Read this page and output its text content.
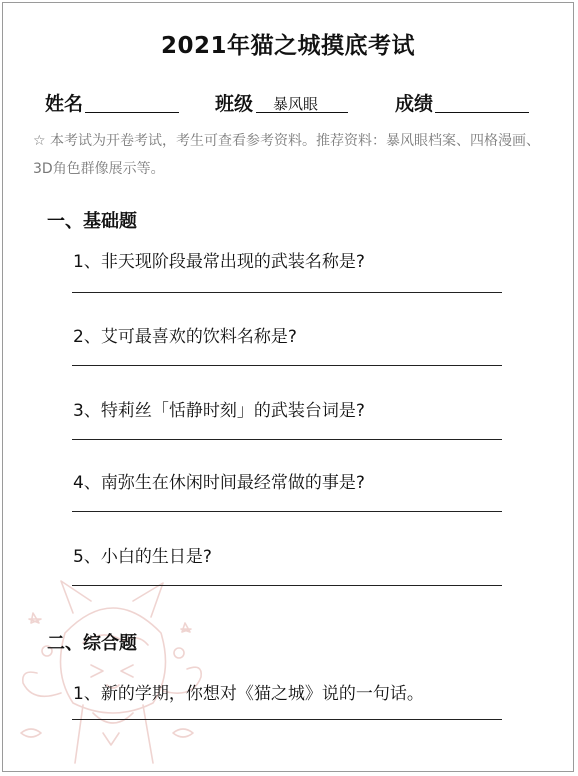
2021年猫之城摸底考试
姓名	班级 暴风眼	成绩
☆ 本考试为开卷考试，考生可查看参考资料。推荐资料：暴风眼档案、四格漫画、3D角色群像展示等。
一、基础题
1、非天现阶段最常出现的武装名称是?
2、艾可最喜欢的饮料名称是?
3、特莉丝「恬静时刻」的武装台词是?
4、南弥生在休闲时间最经常做的事是?
5、小白的生日是?
二、综合题
1、新的学期，你想对《猫之城》说的一句话。
